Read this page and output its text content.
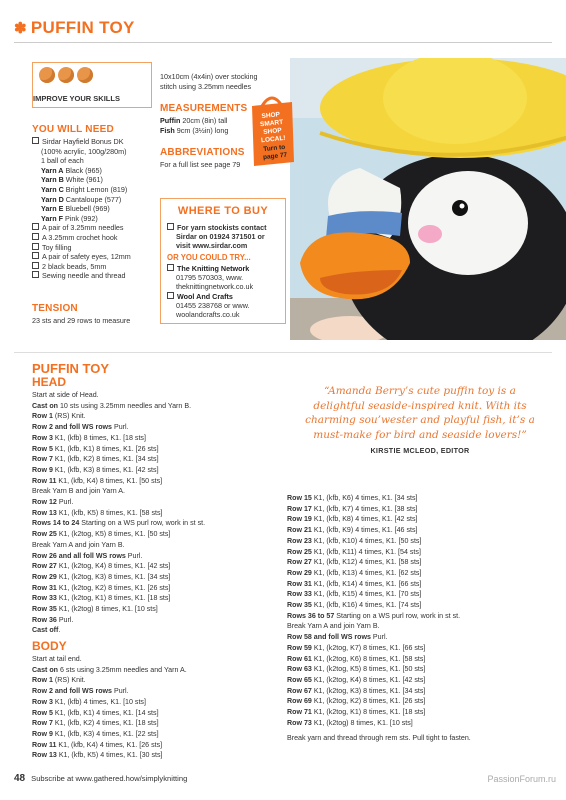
✽ PUFFIN TOY
IMPROVE YOUR SKILLS
YOU WILL NEED
Sirdar Hayfield Bonus DK
(100% acrylic, 100g/280m)
1 ball of each
Yarn A Black (965)
Yarn B White (961)
Yarn C Bright Lemon (819)
Yarn D Cantaloupe (577)
Yarn E Bluebell (969)
Yarn F Pink (992)
A pair of 3.25mm needles
A 3.25mm crochet hook
Toy filling
A pair of safety eyes, 12mm
2 black beads, 5mm
Sewing needle and thread
TENSION
23 sts and 29 rows to measure
10x10cm (4x4in) over stocking
stitch using 3.25mm needles
MEASUREMENTS
Puffin 20cm (8in) tall
Fish 9cm (3½in) long
ABBREVIATIONS
For a full list see page 79
SHOP SMART
SHOP
LOCAL!
Turn to
page 77
WHERE TO BUY
For yarn stockists contact
Sirdar on 01924 371501 or
visit www.sirdar.com
OR YOU COULD TRY...
The Knitting Network
01795 570303, www.
theknittingnetwork.co.uk
Wool And Crafts
01455 238768 or www.
woolandcrafts.co.uk
PUFFIN TOY
HEAD
Start at side of Head.
Cast on 10 sts using 3.25mm needles and Yarn B.
Row 1 (RS) Knit.
Row 2 and foll WS rows Purl.
Row 3 K1, (kfb) 8 times, K1. [18 sts]
Row 5 K1, (kfb, K1) 8 times, K1. [26 sts]
Row 7 K1, (kfb, K2) 8 times, K1. [34 sts]
Row 9 K1, (kfb, K3) 8 times, K1. [42 sts]
Row 11 K1, (kfb, K4) 8 times, K1. [50 sts]
Break Yarn B and join Yarn A.
Row 12 Purl.
Row 13 K1, (kfb, K5) 8 times, K1. [58 sts]
Rows 14 to 24 Starting on a WS purl row, work in st st.
Row 25 K1, (k2tog, K5) 8 times, K1. [50 sts]
Break Yarn A and join Yarn B.
Row 26 and all foll WS rows Purl.
Row 27 K1, (k2tog, K4) 8 times, K1. [42 sts]
Row 29 K1, (k2tog, K3) 8 times, K1. [34 sts]
Row 31 K1, (k2tog, K2) 8 times, K1. [26 sts]
Row 33 K1, (k2tog, K1) 8 times, K1. [18 sts]
Row 35 K1, (k2tog) 8 times, K1. [10 sts]
Row 36 Purl.
Cast off.
BODY
Start at tail end.
Cast on 6 sts using 3.25mm needles and Yarn A.
Row 1 (RS) Knit.
Row 2 and foll WS rows Purl.
Row 3 K1, (kfb) 4 times, K1. [10 sts]
Row 5 K1, (kfb, K1) 4 times, K1. [14 sts]
Row 7 K1, (kfb, K2) 4 times, K1. [18 sts]
Row 9 K1, (kfb, K3) 4 times, K1. [22 sts]
Row 11 K1, (kfb, K4) 4 times, K1. [26 sts]
Row 13 K1, (kfb, K5) 4 times, K1. [30 sts]
“Amanda Berry’s cute puffin toy is a
delightful seaside-inspired knit. With its
charming sou’wester and playful fish, it’s a
must-make for bird and seaside lovers!”
KIRSTIE MCLEOD, EDITOR
Row 15 K1, (kfb, K6) 4 times, K1. [34 sts]
Row 17 K1, (kfb, K7) 4 times, K1. [38 sts]
Row 19 K1, (kfb, K8) 4 times, K1. [42 sts]
Row 21 K1, (kfb, K9) 4 times, K1. [46 sts]
Row 23 K1, (kfb, K10) 4 times, K1. [50 sts]
Row 25 K1, (kfb, K11) 4 times, K1. [54 sts]
Row 27 K1, (kfb, K12) 4 times, K1. [58 sts]
Row 29 K1, (kfb, K13) 4 times, K1. [62 sts]
Row 31 K1, (kfb, K14) 4 times, K1. [66 sts]
Row 33 K1, (kfb, K15) 4 times, K1. [70 sts]
Row 35 K1, (kfb, K16) 4 times, K1. [74 sts]
Rows 36 to 57 Starting on a WS purl row, work in st st.
Break Yarn A and join Yarn B.
Row 58 and foll WS rows Purl.
Row 59 K1, (k2tog, K7) 8 times, K1. [66 sts]
Row 61 K1, (k2tog, K6) 8 times, K1. [58 sts]
Row 63 K1, (k2tog, K5) 8 times, K1. [50 sts]
Row 65 K1, (k2tog, K4) 8 times, K1. [42 sts]
Row 67 K1, (k2tog, K3) 8 times, K1. [34 sts]
Row 69 K1, (k2tog, K2) 8 times, K1. [26 sts]
Row 71 K1, (k2tog, K1) 8 times, K1. [18 sts]
Row 73 K1, (k2tog) 8 times, K1. [10 sts]
Break yarn and thread through rem sts. Pull tight to fasten.
48 Subscribe at www.gathered.how/simplyknitting	PassionForum.ru
